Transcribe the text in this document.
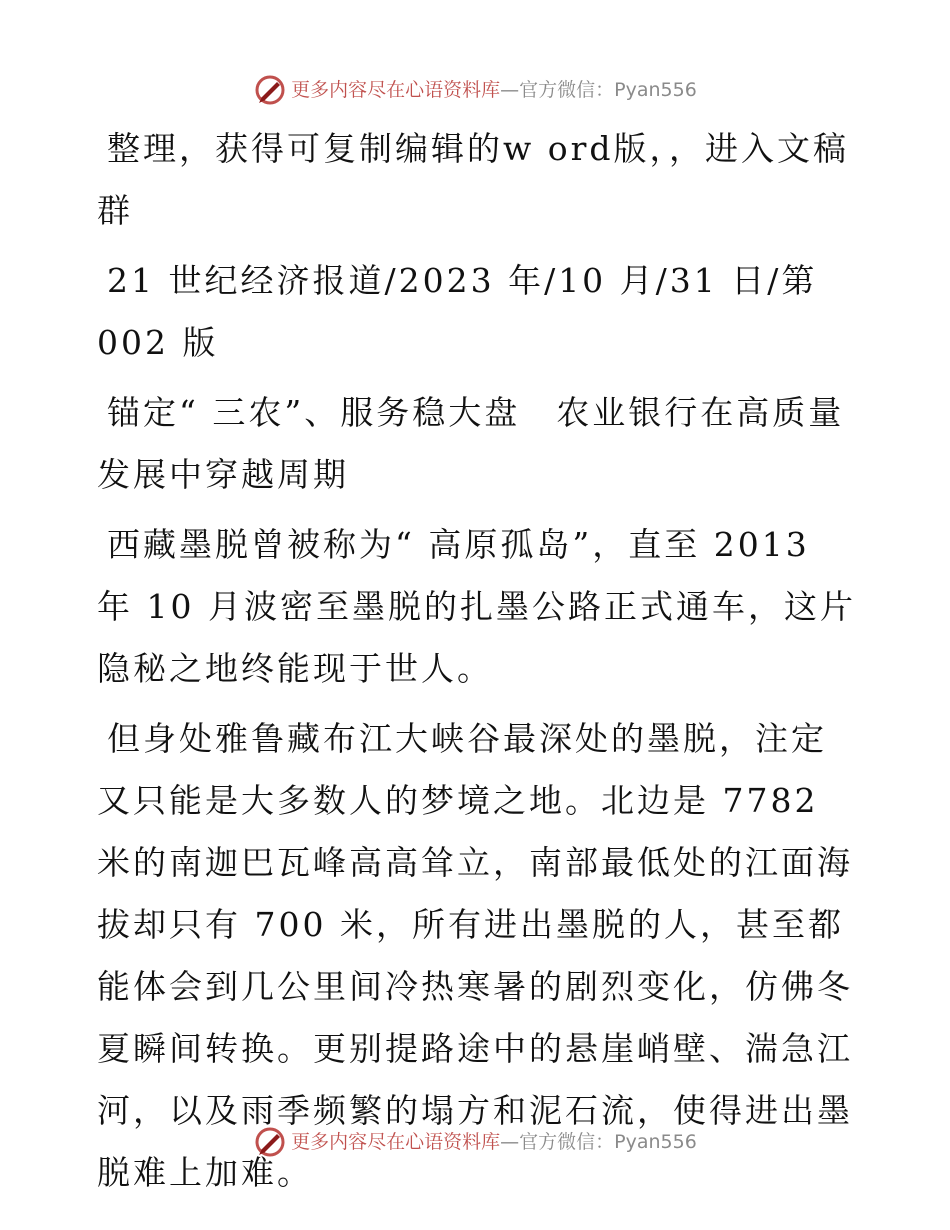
更多内容尽在心语资料库 —官方微信：Pyan556

整理，获得可复制编辑的w ord版，，进入文稿群

21 世纪经济报道/2023 年/10 月/31 日/第 002 版

锚定“ 三农”、服务稳大盘　农业银行在高质量发展中穿越周期

西藏墨脱曾被称为“ 高原孤岛”，直至 2013 年 10 月波密至墨脱的扎墨公路正式通车，这片隐秘之地终能现于世人。

但身处雅鲁藏布江大峡谷最深处的墨脱，注定又只能是大多数人的梦境之地。北边是 7782 米的南迦巴瓦峰高高耸立，南部最低处的江面海拔却只有 700 米，所有进出墨脱的人，甚至都能体会到几公里间冷热寒暑的剧烈变化，仿佛冬夏瞬间转换。更别提路途中的悬崖峭壁、湍急江河，以及雨季频繁的塌方和泥石流，使得进出墨脱难上加难。

更多内容尽在心语资料库 —官方微信：Pyan556
